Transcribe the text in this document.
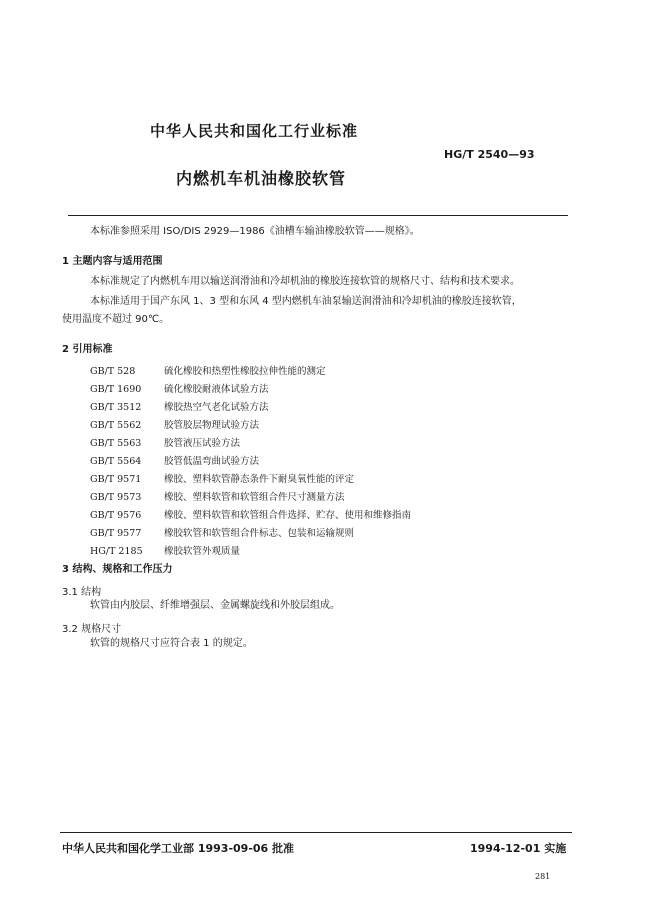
中华人民共和国化工行业标准
HG/T 2540—93
内燃机车机油橡胶软管
本标准参照采用 ISO/DIS 2929—1986《油槽车输油橡胶软管——规格》。
1 主题内容与适用范围
本标准规定了内燃机车用以输送润滑油和冷却机油的橡胶连接软管的规格尺寸、结构和技术要求。
本标准适用于国产东风 1、3 型和东风 4 型内燃机车油泵输送润滑油和冷却机油的橡胶连接软管，
使用温度不超过 90℃。
2 引用标准
GB/T 528	硫化橡胶和热塑性橡胶拉伸性能的测定
GB/T 1690 硫化橡胶耐液体试验方法
GB/T 3512 橡胶热空气老化试验方法
GB/T 5562 胶管胶层物理试验方法
GB/T 5563 胶管液压试验方法
GB/T 5564 胶管低温弯曲试验方法
GB/T 9571 橡胶、塑料软管静态条件下耐臭氧性能的评定
GB/T 9573 橡胶、塑料软管和软管组合件尺寸测量方法
GB/T 9576 橡胶、塑料软管和软管组合件选择、贮存、使用和维修指南
GB/T 9577 橡胶软管和软管组合件标志、包装和运输规则
HG/T 2185 橡胶软管外观质量
3 结构、规格和工作压力
3.1 结构
软管由内胶层、纤维增强层、金属螺旋线和外胶层组成。
3.2 规格尺寸
软管的规格尺寸应符合表 1 的规定。
中华人民共和国化学工业部 1993-09-06 批准	1994-12-01 实施
281
